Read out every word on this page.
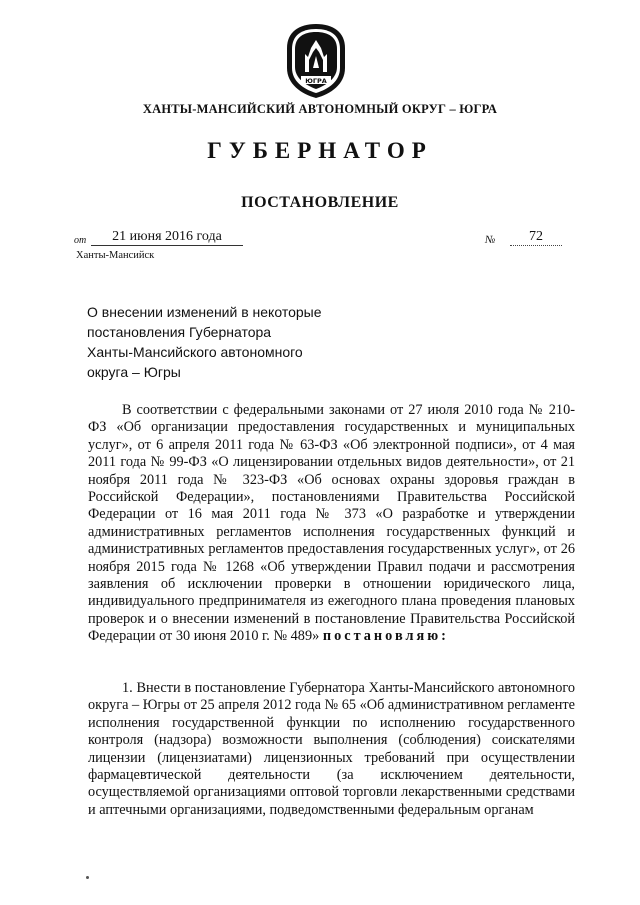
ЮГРА
ХАНТЫ-МАНСИЙСКИЙ АВТОНОМНЫЙ ОКРУГ – ЮГРА
ГУБЕРНАТОР
ПОСТАНОВЛЕНИЕ
от	21 июня 2016 года	№	72
Ханты-Мансийск
О внесении изменений в некоторые
постановления Губернатора
Ханты-Мансийского автономного
округа – Югры

В соответствии с федеральными законами от 27 июля 2010 года № 210-ФЗ «Об организации предоставления государственных и муниципальных услуг», от 6 апреля 2011 года № 63-ФЗ «Об электронной подписи», от 4 мая 2011 года № 99-ФЗ «О лицензировании отдельных видов деятельности», от 21 ноября 2011 года № 323-ФЗ «Об основах охраны здоровья граждан в Российской Федерации», постановлениями Правительства Российской Федерации от 16 мая 2011 года № 373 «О разработке и утверждении административных регламентов исполнения государственных функций и административных регламентов предоставления государственных услуг», от 26 ноября 2015 года № 1268 «Об утверждении Правил подачи и рассмотрения заявления об исключении проверки в отношении юридического лица, индивидуального предпринимателя из ежегодного плана проведения плановых проверок и о внесении изменений в постановление Правительства Российской Федерации от 30 июня 2010 г. № 489» постановляю:

1. Внести в постановление Губернатора Ханты-Мансийского автономного округа – Югры от 25 апреля 2012 года № 65 «Об административном регламенте исполнения государственной функции по исполнению государственного контроля (надзора) возможности выполнения (соблюдения) соискателями лицензии (лицензиатами) лицензионных требований при осуществлении фармацевтической деятельности (за исключением деятельности, осуществляемой организациями оптовой торговли лекарственными средствами и аптечными организациями, подведомственными федеральным органам
